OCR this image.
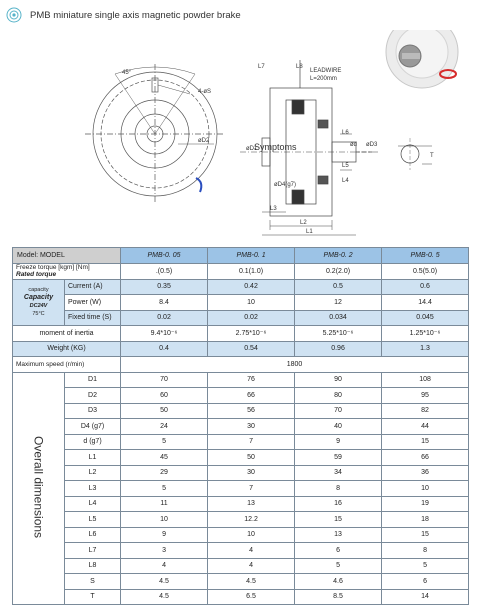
PMB miniature single axis magnetic powder brake
45°
4-øS
øD2
L7	L8
LEADWIRE
L=200mm
øD1
Symptoms
L6
ød øD3
L5
øD4(g7)
L4
L3
L2
L1
T
Model: MODEL		PMB-0. 05	PMB-0. 1	PMB-0. 2	PMB-0. 5

Freeze torque [kgm] [Nm]
Rated torque		.(0.5)	0.1(1.0)	0.2(2.0)	0.5(5.0)

capacity
Capacity
DC24V
75°C	Current (A)	0.35	0.42	0.5	0.6
	Power (W)	8.4	10	12	14.4
	Fixed time (S)	0.02	0.02	0.034	0.045
moment of inertia		9.4*10⁻⁶	2.75*10⁻⁶	5.25*10⁻⁶	1.25*10⁻⁶
Weight (KG)		0.4	0.54	0.96	1.3
Maximum speed (r/min)		1800			
Overall dimensions	D1	70	76	90	108
	D2	60	66	80	95
	D3	50	56	70	82
	D4 (g7)	24	30	40	44
	d (g7)	5	7	9	15
	L1	45	50	59	66
	L2	29	30	34	36
	L3	5	7	8	10
	L4	11	13	16	19
	L5	10	12.2	15	18
	L6	9	10	13	15
	L7	3	4	6	8
	L8	4	4	5	5
	S	4.5	4.5	4.6	6
	T	4.5	6.5	8.5	14
